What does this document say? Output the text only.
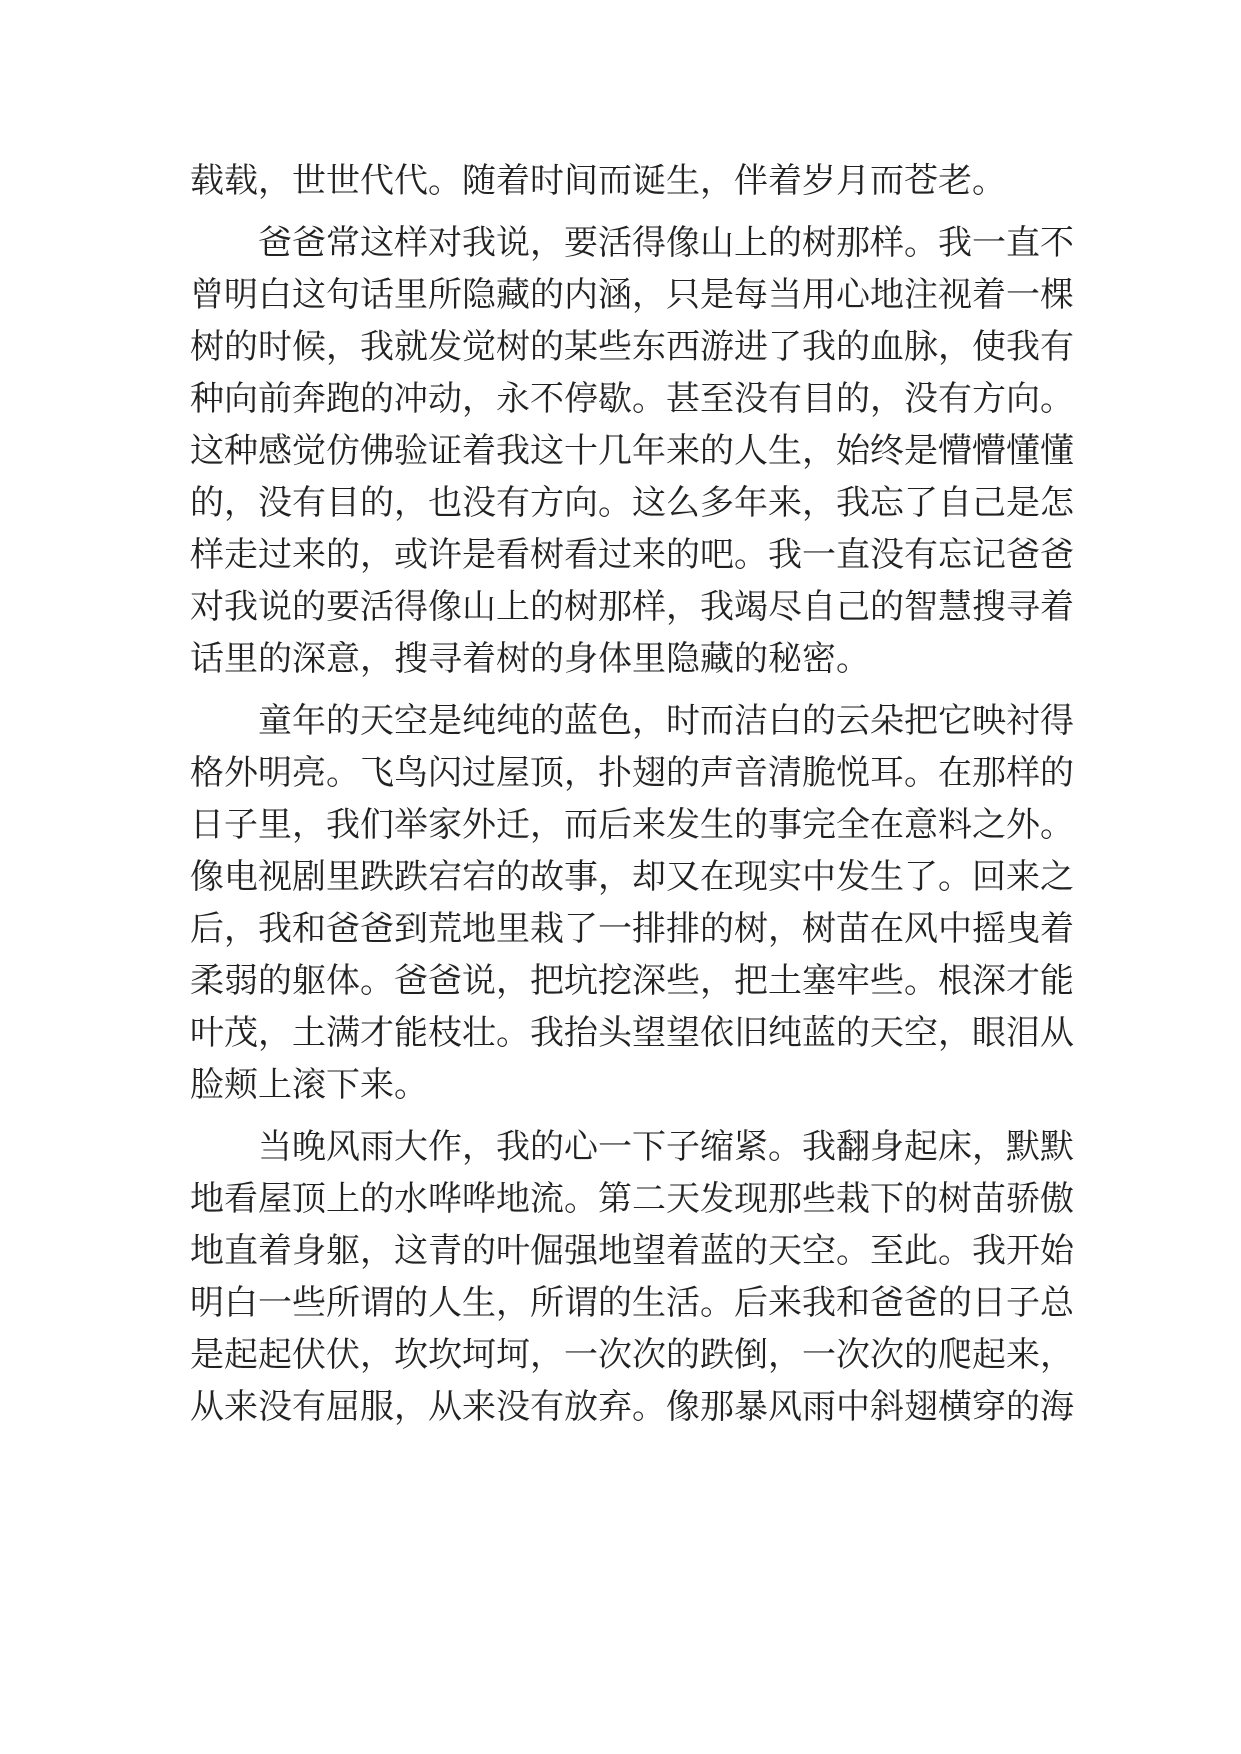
载载，世世代代。随着时间而诞生，伴着岁月而苍老。
爸 爸 常 这 样 对 我 说 ， 要 活 得 像 山 上 的 树 那 样 。 我 一 直 不
曾 明 白 这 句 话 里 所 隐 藏 的 内 涵 ， 只 是 每 当 用 心 地 注 视 着 一 棵
树 的 时 候 ， 我 就 发 觉 树 的 某 些 东 西 游 进 了 我 的 血 脉 ， 使 我 有
种 向 前 奔 跑 的 冲 动 ， 永 不 停 歇 。 甚 至 没 有 目 的 ， 没 有 方 向 。
这 种 感 觉 仿 佛 验 证 着 我 这 十 几 年 来 的 人 生 ， 始 终 是 懵 懵 懂 懂
的 ， 没 有 目 的 ， 也 没 有 方 向 。 这 么 多 年 来 ， 我 忘 了 自 己 是 怎
样 走 过 来 的 ， 或 许 是 看 树 看 过 来 的 吧 。 我 一 直 没 有 忘 记 爸 爸
对 我 说 的 要 活 得 像 山 上 的 树 那 样 ， 我 竭 尽 自 己 的 智 慧 搜 寻 着
话里的深意，搜寻着树的身体里隐藏的秘密。
童 年 的 天 空 是 纯 纯 的 蓝 色 ， 时 而 洁 白 的 云 朵 把 它 映 衬 得
格 外 明 亮 。 飞 鸟 闪 过 屋 顶 ， 扑 翅 的 声 音 清 脆 悦 耳 。 在 那 样 的
日 子 里 ， 我 们 举 家 外 迁 ， 而 后 来 发 生 的 事 完 全 在 意 料 之 外 。
像 电 视 剧 里 跌 跌 宕 宕 的 故 事 ， 却 又 在 现 实 中 发 生 了 。 回 来 之
后 ， 我 和 爸 爸 到 荒 地 里 栽 了 一 排 排 的 树 ， 树 苗 在 风 中 摇 曳 着
柔 弱 的 躯 体 。 爸 爸 说 ， 把 坑 挖 深 些 ， 把 土 塞 牢 些 。 根 深 才 能
叶 茂 ， 土 满 才 能 枝 壮 。 我 抬 头 望 望 依 旧 纯 蓝 的 天 空 ， 眼 泪 从
脸颊上滚下来。
当 晚 风 雨 大 作 ， 我 的 心 一 下 子 缩 紧 。 我 翻 身 起 床 ， 默 默
地 看 屋 顶 上 的 水 哗 哗 地 流 。 第 二 天 发 现 那 些 栽 下 的 树 苗 骄 傲
地 直 着 身 躯 ， 这 青 的 叶 倔 强 地 望 着 蓝 的 天 空 。 至 此 。 我 开 始
明 白 一 些 所 谓 的 人 生 ， 所 谓 的 生 活 。 后 来 我 和 爸 爸 的 日 子 总
是 起 起 伏 伏 ， 坎 坎 坷 坷 ， 一 次 次 的 跌 倒 ， 一 次 次 的 爬 起 来 ，
从 来 没 有 屈 服 ， 从 来 没 有 放 弃 。 像 那 暴 风 雨 中 斜 翅 横 穿 的 海
